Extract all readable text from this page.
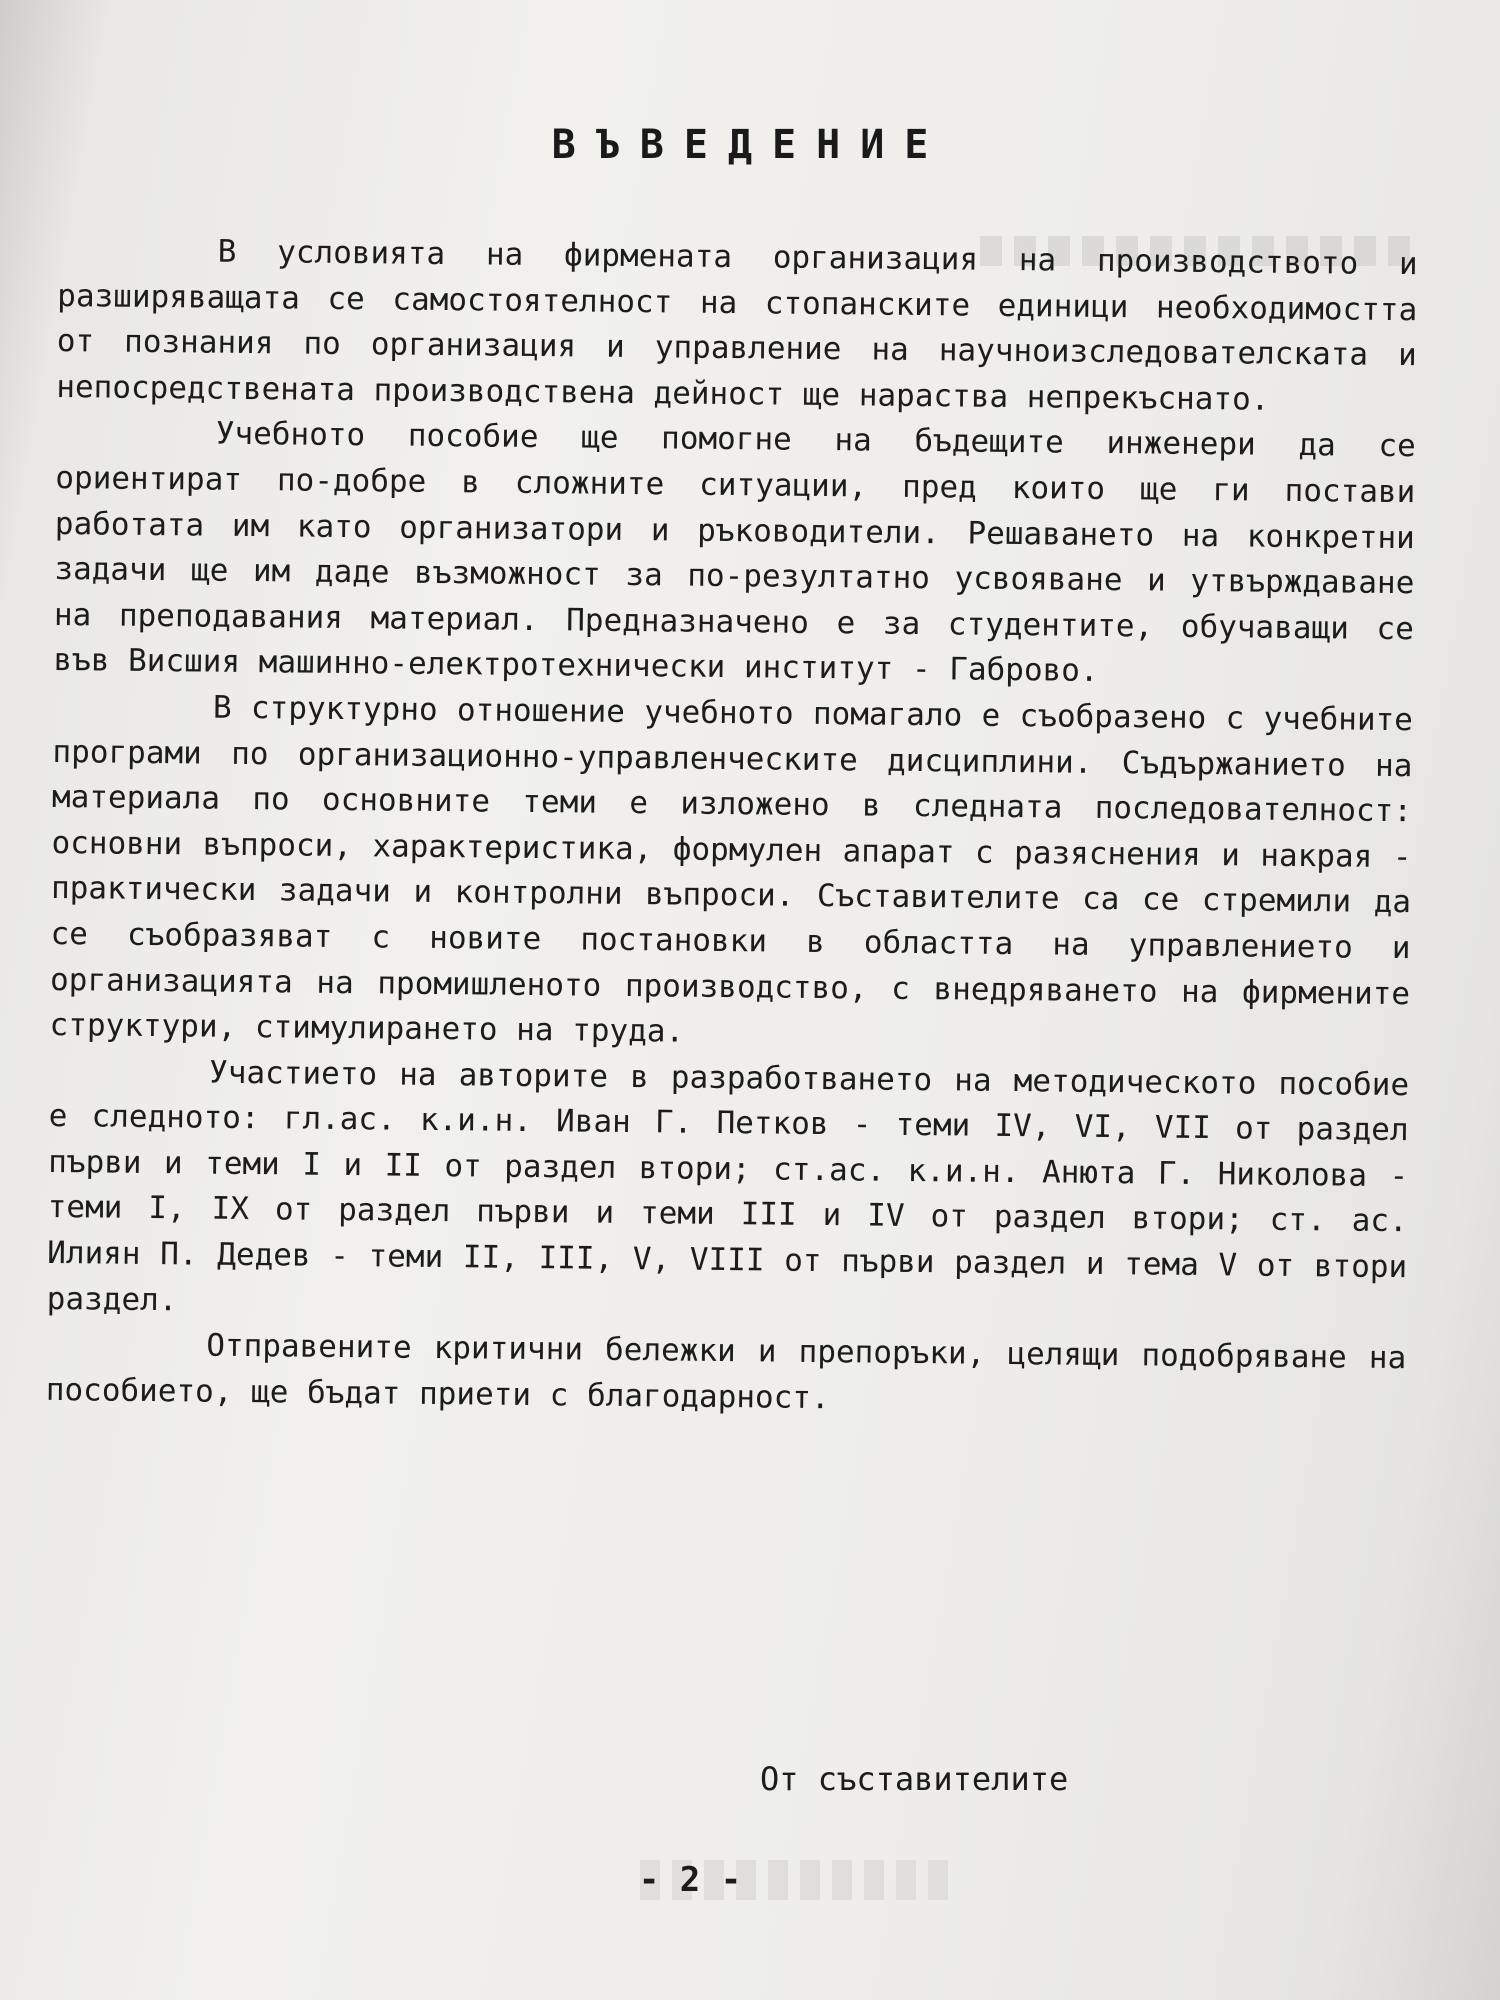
ВЪВЕДЕНИЕ

В условията на фирмената организация на производството и разширяващата се самостоятелност на стопанските единици необходимостта от познания по организация и управление на научноизследователската и непосредствената производствена дейност ще нараства непрекъснато.

Учебното пособие ще помогне на бъдещите инженери да се ориентират по-добре в сложните ситуации, пред които ще ги постави работата им като организатори и ръководители. Решаването на конкретни задачи ще им даде възможност за по-резултатно усвояване и утвърждаване на преподавания материал. Предназначено е за студентите, обучаващи се във Висшия машинно-електротехнически институт - Габрово.

В структурно отношение учебното помагало е съобразено с учебните програми по организационно-управленческите дисциплини. Съдържанието на материала по основните теми е изложено в следната последователност: основни въпроси, характеристика, формулен апарат с разяснения и накрая - практически задачи и контролни въпроси. Съставителите са се стремили да се съобразяват с новите постановки в областта на управлението и организацията на промишленото производство, с внедряването на фирмените структури, стимулирането на труда.

Участието на авторите в разработването на методическото пособие е следното: гл.ас. к.и.н. Иван Г. Петков - теми IV, VI, VII от раздел първи и теми I и II от раздел втори; ст.ас. к.и.н. Анюта Г. Николова - теми I, IX от раздел първи и теми III и IV от раздел втори; ст. ас. Илиян П. Дедев - теми II, III, V, VIII от първи раздел и тема V от втори раздел.

Отправените критични бележки и препоръки, целящи подобряване на пособието, ще бъдат приети с благодарност.

От съставителите
- 2 -
